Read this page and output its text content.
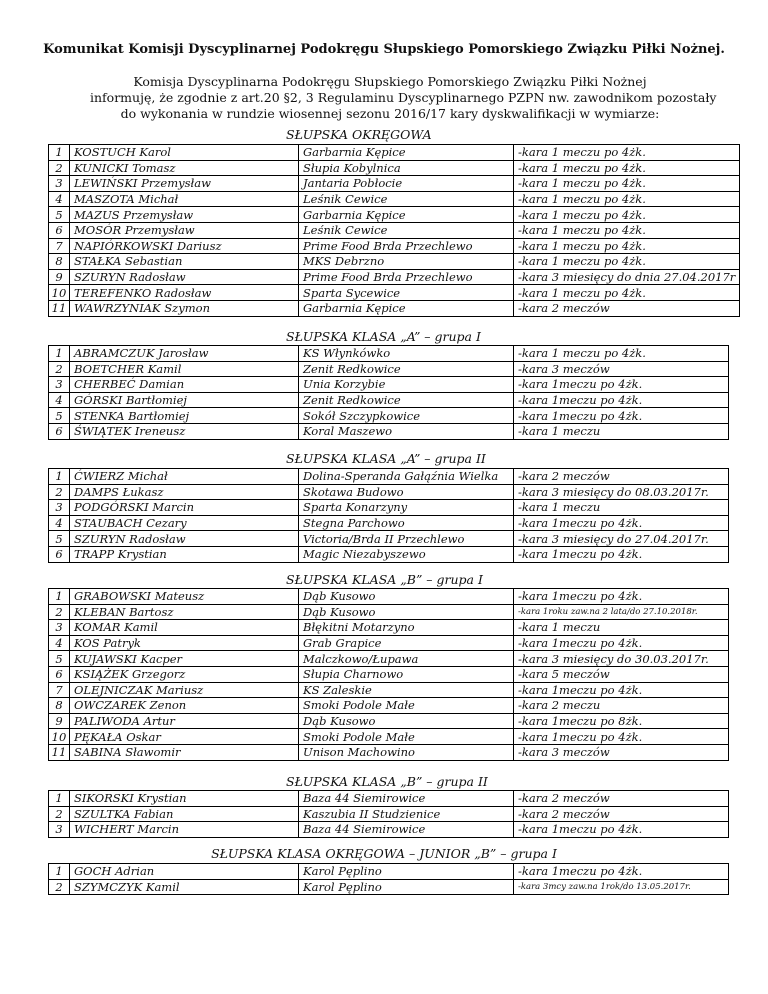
Komunikat Komisji Dyscyplinarnej Podokręgu Słupskiego Pomorskiego Związku Piłki Nożnej.
Komisja Dyscyplinarna Podokręgu Słupskiego Pomorskiego Związku Piłki Nożnej
informuję, że zgodnie z art.20 §2, 3 Regulaminu Dyscyplinarnego PZPN nw. zawodnikom pozostały
do wykonania w rundzie wiosennej sezonu 2016/17 kary dyskwalifikacji w wymiarze:
SŁUPSKA OKRĘGOWA
1	KOSTUCH Karol	Garbarnia Kępice	-kara 1 meczu po 4żk.
2	KUNICKI Tomasz	Słupia Kobylnica	-kara 1 meczu po 4żk.
3	LEWIŃSKI Przemysław	Jantaria Pobłocie	-kara 1 meczu po 4żk.
4	MASZOTA Michał	Leśnik Cewice	-kara 1 meczu po 4żk.
5	MAZUS Przemysław	Garbarnia Kępice	-kara 1 meczu po 4żk.
6	MOSÓR Przemysław	Leśnik Cewice	-kara 1 meczu po 4żk.
7	NAPIÓRKOWSKI Dariusz	Prime Food Brda Przechlewo	-kara 1 meczu po 4żk.
8	STAŁKA Sebastian	MKS Debrzno	-kara 1 meczu po 4żk.
9	SZURYN Radosław	Prime Food Brda Przechlewo	-kara 3 miesięcy do dnia 27.04.2017r
10	TEREFENKO Radosław	Sparta Sycewice	-kara 1 meczu po 4żk.
11	WAWRZYNIAK Szymon	Garbarnia Kępice	-kara 2 meczów
SŁUPSKA KLASA „A” – grupa I
1	ABRAMCZUK Jarosław	KS Włynkówko	-kara 1 meczu po 4żk.
2	BOETCHER Kamil	Zenit Redkowice	-kara 3 meczów
3	CHERBEĆ Damian	Unia Korzybie	-kara 1meczu po 4żk.
4	GÓRSKI Bartłomiej	Zenit Redkowice	-kara 1meczu po 4żk.
5	STENKA Bartłomiej	Sokół Szczypkowice	-kara 1meczu po 4żk.
6	ŚWIĄTEK Ireneusz	Koral Maszewo	-kara 1 meczu
SŁUPSKA KLASA „A” – grupa II
1	ĆWIERZ Michał	Dolina-Speranda Gałąźnia Wielka	-kara 2 meczów
2	DAMPS Łukasz	Skotawa Budowo	-kara 3 miesięcy do 08.03.2017r.
3	PODGÓRSKI Marcin	Sparta Konarzyny	-kara 1 meczu
4	STAUBACH Cezary	Stegna Parchowo	-kara 1meczu po 4żk.
5	SZURYN Radosław	Victoria/Brda II Przechlewo	-kara 3 miesięcy do 27.04.2017r.
6	TRAPP Krystian	Magic Niezabyszewo	-kara 1meczu po 4żk.
SŁUPSKA KLASA „B” – grupa I
1	GRABOWSKI Mateusz	Dąb Kusowo	-kara 1meczu po 4żk.
2	KLEBAN Bartosz	Dąb Kusowo	-kara 1roku zaw.na 2 lata/do 27.10.2018r.
3	KOMAR Kamil	Błękitni Motarzyno	-kara 1 meczu
4	KOS Patryk	Grab Grapice	-kara 1meczu po 4żk.
5	KUJAWSKI Kacper	Malczkowo/Łupawa	-kara 3 miesięcy do 30.03.2017r.
6	KSIĄŻEK Grzegorz	Słupia Charnowo	-kara 5 meczów
7	OLEJNICZAK Mariusz	KS Zaleskie	-kara 1meczu po 4żk.
8	OWCZAREK Zenon	Smoki Podole Małe	-kara 2 meczu
9	PALIWODA Artur	Dąb Kusowo	-kara 1meczu po 8żk.
10	PĘKAŁA Oskar	Smoki Podole Małe	-kara 1meczu po 4żk.
11	SABINA Sławomir	Unison Machowino	-kara 3 meczów
SŁUPSKA KLASA „B” – grupa II
1	SIKORSKI Krystian	Baza 44 Siemirowice	-kara 2 meczów
2	SZULTKA Fabian	Kaszubia II Studzienice	-kara 2 meczów
3	WICHERT Marcin	Baza 44 Siemirowice	-kara 1meczu po 4żk.
SŁUPSKA KLASA OKRĘGOWA – JUNIOR „B” – grupa I
1	GOCH Adrian	Karol Pęplino	-kara 1meczu po 4żk.
2	SZYMCZYK Kamil	Karol Pęplino	-kara 3mcy zaw.na 1rok/do 13.05.2017r.
